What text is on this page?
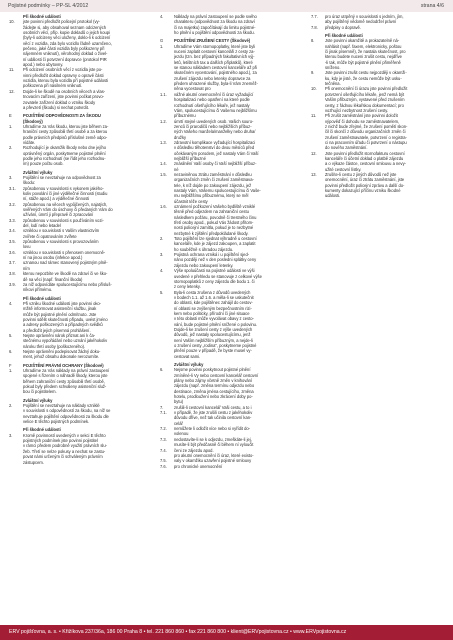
Pojistné podmínky – PP-SL 4/2012	strana 4/6
Při škodné události
10.	jste povinni předložit policejní protokol (vy-
žádejte si, aby obsahoval seznam odcizených
osobních věcí, příp. kopie dokladů o jejich koupi
(byly-li odcizeny věci uloženy, doklo-li k odcizení
věcí z vozidla, zda bylo vozidlo řádně uzamčeno,
pečeno, jaké části vozidla byly poškozeny při
nájemném vniknutí), věrohodný doklad o živel-
ní události či potvrzení dopravce (protokol PIR
apod.) nebo ubytovny.
11.	Při odcizení osobních věcí z vozidla jste po-
vinni předložit doklad opravny o opravě části
vozidla, kterou byla vozidla při pojistné události
poškozena při násilném vniknutí.
12.	Dojde-li ke škodě na osobních věcech a vlas-
tnovacím zařízení, jste povinni počkat provo-
zovatele zařízení doklad o vzniku škody
a převzetí (škodu) si nechat potvrdit.
E	POJIŠTĚNÍ ODPOVĚDNOSTI ZA ŠKODU
(Škodový)
1.	Uhradíme za Vás škodu, kterou jste během za-
hraniční cesty způsobili třetí osobě a za kterou
podle právních předpisů příslušné země odpo-
vídáte.
2.	Rozhodující je okamžik škody nebo dne jejího
oprávněný orgán, poskytneme pojistné plnění
podle jeho rozhodnutí (se řídit jeho rozhodnu-
ím) pouze počtu osob.
Zvláštní výluky
3.	Pojištění se nevztahuje na odpovědnost za
škodu:
3.1.	způsobenou v souvislosti s vykonem jakého-
koliv povolání či jiné výdělečné činnosti (studiu
ní, stáže apod.) a výdělečné činnosti
3.2.	způsobenou na věcech vypůjčených, najatých,
svěřených Vám do úschovy či předaných Vám do
užívání, úmrtí ji přepravě či zpracování
3.3.	způsobenou v souvislosti s používáním vozi-
del, lodí nebo letadel
3.4.	vzniklou v souvislosti s Vaším vlastnictvím
zvířete či opatrováním zvířete
3.5.	způsobenou v souvislosti s provozováním
lovu
3.6.	vzniklou v souvislosti s přenosem onemocně-
ní na jinou osobu (infekce apod.)
3.7.	uznanou nad rámec stanovený pojistným plně-
ním
3.8.	kterou nepozbíte ve škodě na zdraví či ve ško-
dě na věci (např. finanční škoda)
3.9.	za níž odpovídáte spolucestujícímu nebo přísluš-
níkovi přímému.
Při škodné události
4.	Při vzniku škodné události jste povinni oko-
mžitě informovat asistenční službu, jinak
může být pojistné plnění odmítnuto. Jste
povinni sdělit skutečnosti případu, uvést jméno
a adresy poškozených a případných svědků
a předložit jejich písemná prohlášení.
5.	Nejste oprávněni nárok přiznat ani k ča-
stečnému vypořádání nebo uznání jakéhokoliv
nároku třetí osoby (poškozeného).
6.	Nejste oprávněni podepisovat žádný doku-
ment, jehož obsahu dokonale nerozumíte.
F	POJIŠTĚNÍ PRÁVNÍ OCHRANY (Škodové)
1.	Uhradíme za Vás náklady na právní zastoupení
spojené s řízením o náhradě škody, kterou jste
během zahraniční cesty způsobili třetí osobě,
pokud byly předem schváleny asistenční služ-
bou či pojistitelem.
Zvláštní výluky
2.	Pojištění se nevztahuje na náklady vzniklé
v souvislosti s odpovědností za škodu, na níž se
nevztahuje pojištění odpovědnosti za škodu dle
velice E těchto pojistných podmínek.
Při škodné události
3.	Kromě povinností uvedených v sekci E těchto
pojistných podmínek jste povinni pojistitel
v rámci předem podrobně využití právních slu-
žeb. Třetí se nelze pokusy a nechat se zastu-
povat námi určeným či schváleným právním
zástupcem.
4.	Náklady na právní zastoupení se podle svého
charakteru (odpovědnost za škodu na zdraví
či na majetku) započítávají do limitu pojistné-
ho plnění u pojištění odpovědnosti za škodu.
G	POJIŠTĚNÍ ZRUŠENÍ CESTY (Škodové)
1.	Uhradíme Vám stornopoplatky, které jste byli
nuceni zaplatit cestovní kanceláři z cesty za-
jezdu (tzn. bez případných fakultativních výj-
letů, letištních tax a dalších příplatků), které
se stanou nákladem cestovní kanceláře až při
skutečném vycestování, pojistného apod.), za
zrušení zájezdu nebo letenky dopravce za
předem uhrazené služby, byla-li Vám zneměž-
něna vycestovat pro
1.1.	vážné akutní onemocnění či úraz vyžadující
hospitalizaci nebo opatření na které podle
rozhodnutí ošetřujícího lékaře, jež nastaly
Vám, spolucestujícímu či Vašemu nejbližšímu
příbuznému
1.2.	úmrtí stejné uvedených osob. Vašich souro-
zenců či prarodičů nebo nejbližších příbuz-
ných Vašeho manžela/manželky nebo druha/
družky
1.3.	zdravotní komplikace vyžadující hospitalizaci
v důsledku těhotenství do dvou měsíců před
očekávaným porodem, jež nastaly Vám či Vaší
nejbližší příbuzné
1.4.	znásilnění Vaší osoby či Vaší nejbližší příbuz-
né
1.5.	nezaviněnou ztrátu zaměstnání v důsledku
organizačních změn či zrušení zaměstnava-
tele, k níž dojde po zakoupení zájezdu, jež
nastaly Vám, Vašemu spolucestujícímu či Vaše-
mu nejbližšímu příbuznému, který se měl
účastnit téže cesty
1.6.	oznámení požkození Vašeho bydliště vzniklé
těsně před odjezdem na zahraniční cestu
následkem požáru, povodně či trestného činu
třetí osoby apod., pokud Vás žádost přítom-
nosti policejní zamítla, pokud je to nezbytné
nezbytné k zjištění předpokládané škody.
2.	Toto pojištění lze sjednat výhradně u cestovní
kanceláře, kde je zájezd zakoupen, a zaplatit
ho souběžně s úhradou zájezdu.
3.	Pojistná ochrana vzniká i u pojištění sjed-
náno později než v den posledni splátky ceny
zájezdu nebo zakoupení letenky.
4.	Výše spoluúčasti na pojistné události ve výši
uvedené v přehledu se stanovuje z celkové výše
stornopoplatků z ceny zájezdu dle bodu 1. či
z ceny letenky.
5.	Byla-li cesta zrušena z důvodů uvedených
v bodech 1.1. až 1.6. a měla-li se uskutečnit
do oblasti, kde pojištěnec zahájil do cestov-
ní oblasti se zvýšeným bezpečnostním rizi-
kem nebo politicky, přírodní či jiné situace
v této oblasti může vyvolávat obavy z cesto-
vání, bude pojistné plnění snížené o polovinu.
Dojde-li ke zrušení cesty z výše uvedených
důvodů, jež nastaly spolucestujícímu, jenž
není Vaším nejbližším příbuzným, a nejde-li
o zrušení cesty „rodina", poskytneme pojistné
plnění pouze v případě, že byste musel vy-
cestovat sami.
Zvláštní výluky
6.	Nejsme povinni poskytnout pojistné plnění
zmíněné-li Vy nebo cestovní kancelář cestovní
plány nebo zájmy včetně změn v knihování
zájezdu (např. změna termínu odjezdu nebo
destinace, změna jména cestujícího, změna
hotelu, prodloužení nebo zkrácení doby po-
bytu)
7.	zrušili-li cestovní kancelář Vaši cestu, a to i
7.1.	v případě, že jste zrušili cestu z jakéhokoliv
důvodu dříve, než tak učinila cestovní kan-
celář
7.2.	nemůžete li odložit více nebo si vyřídit do-
volenou
7.3.	nedostavíte-li se k odjezdu, zmeškáte-li jej,
musíte-li být předčasně či během ní vyloučit
7.4.	čeni ze zájezdu apod.
pro akutní onemocnění či úraz, které existo-
7.5.	valy v okamžiku uzavření pojistné smlouvy
7.6.	pro chronické onemocnění
7.7.	pro úraz utrpěný v souvislosti s jedním, jím,
aby pojištěný vědomě nedodržel právní
7.8.	předpisy o dopravě.
Při škodné události
8.	Jste povinni okamžitě a prokazatelně ná-
nahlásit (např. faxem, elektronicky, poštou
či jinak písemně), že nastala skutečnost, pro
kterou budete nuceni zrušit cestu, nejdříve
-li tak, může být pojistné plnění přiměřeně
sníženo.
9.	Jste povinni zrušit cestu nejpozději v okamži-
ku, kdy je jisté, že cestu nemůže být usku-
tečněna.
10.	Při onemocnění či úrazu jste povinni předložit
potvrzení ošetřujícího lékaře, jenž nemá být
Vaším příbuzným, vystavené před zrušením
cesty, z řádnou lékařskou dokumentací; pro
vozhující nezbytnost zrušení cesty.
11.	Při zrušit zaměstnání jste povinni doložit
výpověď či dohodu se zaměstnavatelem,
z nichž bude zřejmé, že zrušení pomětí skon-
čil či skončí z důvodu organizačních změn či
zrušení zaměstnavatele, potvrzení o registra-
ci na pracovním úřadu či potvrzení o nástupu
do nového zaměstnání.
12.	Jste povinni předložit stornofakturu cestovní
kanceláře či účetní doklad o platbě zájezdu
a o výkaze částce, cestovní smlouvu a nevy-
užité cestovní lístky.
13.	Zrušíte-li cestu z jiných důvodů než jste
onemocnění, úraz či ztrátu zaměstnání, jste
povinni předložit policejní zprávu a další do-
kumenty dokazující příčinu vzniku škodné
události.
ERV pojišťovna, a. s. • Křižíkova 237/36a, 186 00 Praha 8 • tel. 221 860 860 • fax 221 860 800 • klient@ERVpojistovna.cz • www.ERVpojistovna.cz
